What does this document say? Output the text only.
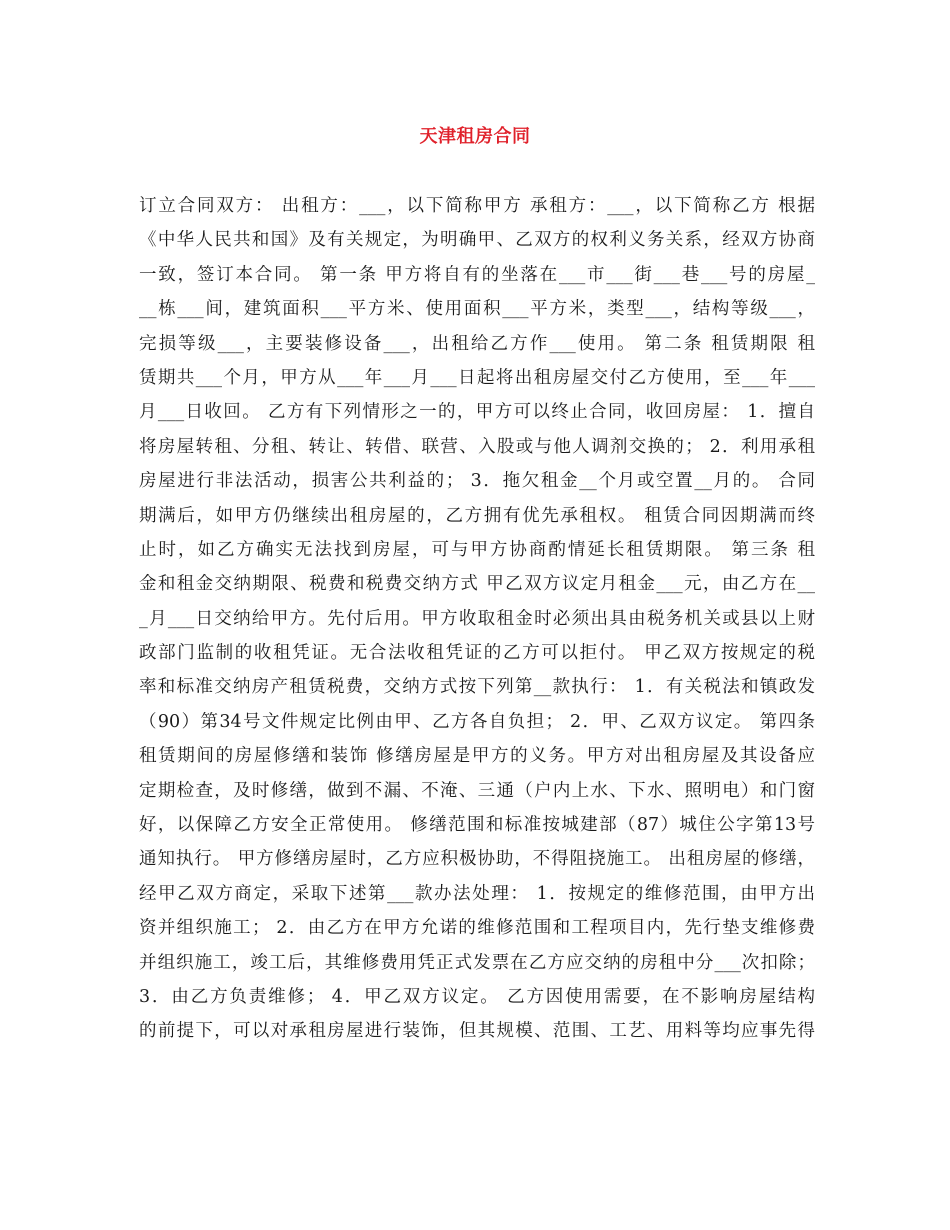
天津租房合同
订立合同双方： 出租方：___，以下简称甲方 承租方：___，以下简称乙方 根据
《中华人民共和国》及有关规定，为明确甲、乙双方的权利义务关系，经双方协商
一致，签订本合同。 第一条 甲方将自有的坐落在___市___街___巷___号的房屋_
__栋___间，建筑面积___平方米、使用面积___平方米，类型___，结构等级___，
完损等级___，主要装修设备___，出租给乙方作___使用。 第二条 租赁期限 租
赁期共___个月，甲方从___年___月___日起将出租房屋交付乙方使用，至___年___
月___日收回。 乙方有下列情形之一的，甲方可以终止合同，收回房屋： 1．擅自
将房屋转租、分租、转让、转借、联营、入股或与他人调剂交换的； 2．利用承租
房屋进行非法活动，损害公共利益的； 3．拖欠租金__个月或空置__月的。 合同
期满后，如甲方仍继续出租房屋的，乙方拥有优先承租权。 租赁合同因期满而终
止时，如乙方确实无法找到房屋，可与甲方协商酌情延长租赁期限。 第三条 租
金和租金交纳期限、税费和税费交纳方式 甲乙双方议定月租金___元，由乙方在__
_月___日交纳给甲方。先付后用。甲方收取租金时必须出具由税务机关或县以上财
政部门监制的收租凭证。无合法收租凭证的乙方可以拒付。 甲乙双方按规定的税
率和标准交纳房产租赁税费，交纳方式按下列第__款执行： 1．有关税法和镇政发
（90）第34号文件规定比例由甲、乙方各自负担； 2．甲、乙双方议定。 第四条
租赁期间的房屋修缮和装饰 修缮房屋是甲方的义务。甲方对出租房屋及其设备应
定期检查，及时修缮，做到不漏、不淹、三通（户内上水、下水、照明电）和门窗
好，以保障乙方安全正常使用。 修缮范围和标准按城建部（87）城住公字第13号
通知执行。 甲方修缮房屋时，乙方应积极协助，不得阻挠施工。 出租房屋的修缮，
经甲乙双方商定，采取下述第___款办法处理： 1．按规定的维修范围，由甲方出
资并组织施工； 2．由乙方在甲方允诺的维修范围和工程项目内，先行垫支维修费
并组织施工，竣工后，其维修费用凭正式发票在乙方应交纳的房租中分___次扣除；
3．由乙方负责维修； 4．甲乙双方议定。 乙方因使用需要，在不影响房屋结构
的前提下，可以对承租房屋进行装饰，但其规模、范围、工艺、用料等均应事先得
